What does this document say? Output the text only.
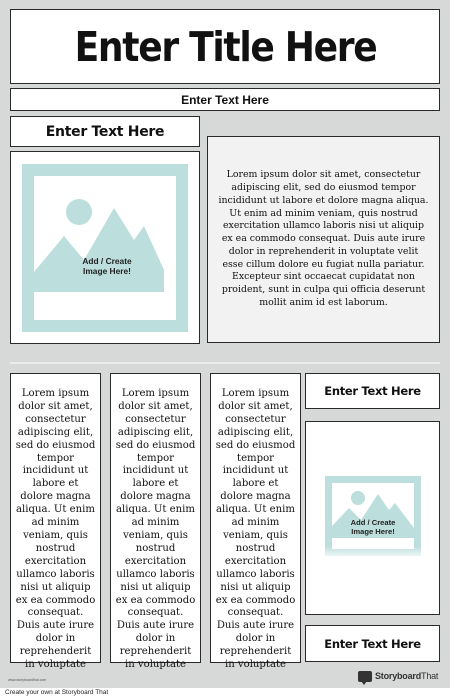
Enter Title Here
Enter Text Here
Enter Text Here
Add / Create
Image Here!
Lorem ipsum dolor sit amet, consectetur adipiscing elit, sed do eiusmod tempor incididunt ut labore et dolore magna aliqua. Ut enim ad minim veniam, quis nostrud exercitation ullamco laboris nisi ut aliquip ex ea commodo consequat. Duis aute irure dolor in reprehenderit in voluptate velit esse cillum dolore eu fugiat nulla pariatur. Excepteur sint occaecat cupidatat non proident, sunt in culpa qui officia deserunt mollit anim id est laborum.
Lorem ipsum dolor sit amet, consectetur adipiscing elit, sed do eiusmod tempor incididunt ut labore et dolore magna aliqua. Ut enim ad minim veniam, quis nostrud exercitation ullamco laboris nisi ut aliquip ex ea commodo consequat. Duis aute irure dolor in reprehenderit in voluptate
Lorem ipsum dolor sit amet, consectetur adipiscing elit, sed do eiusmod tempor incididunt ut labore et dolore magna aliqua. Ut enim ad minim veniam, quis nostrud exercitation ullamco laboris nisi ut aliquip ex ea commodo consequat. Duis aute irure dolor in reprehenderit in voluptate
Lorem ipsum dolor sit amet, consectetur adipiscing elit, sed do eiusmod tempor incididunt ut labore et dolore magna aliqua. Ut enim ad minim veniam, quis nostrud exercitation ullamco laboris nisi ut aliquip ex ea commodo consequat. Duis aute irure dolor in reprehenderit in voluptate
Enter Text Here
Add / Create
Image Here!
Enter Text Here
www.storyboardthat.com	StoryboardThat
Create your own at Storyboard That
